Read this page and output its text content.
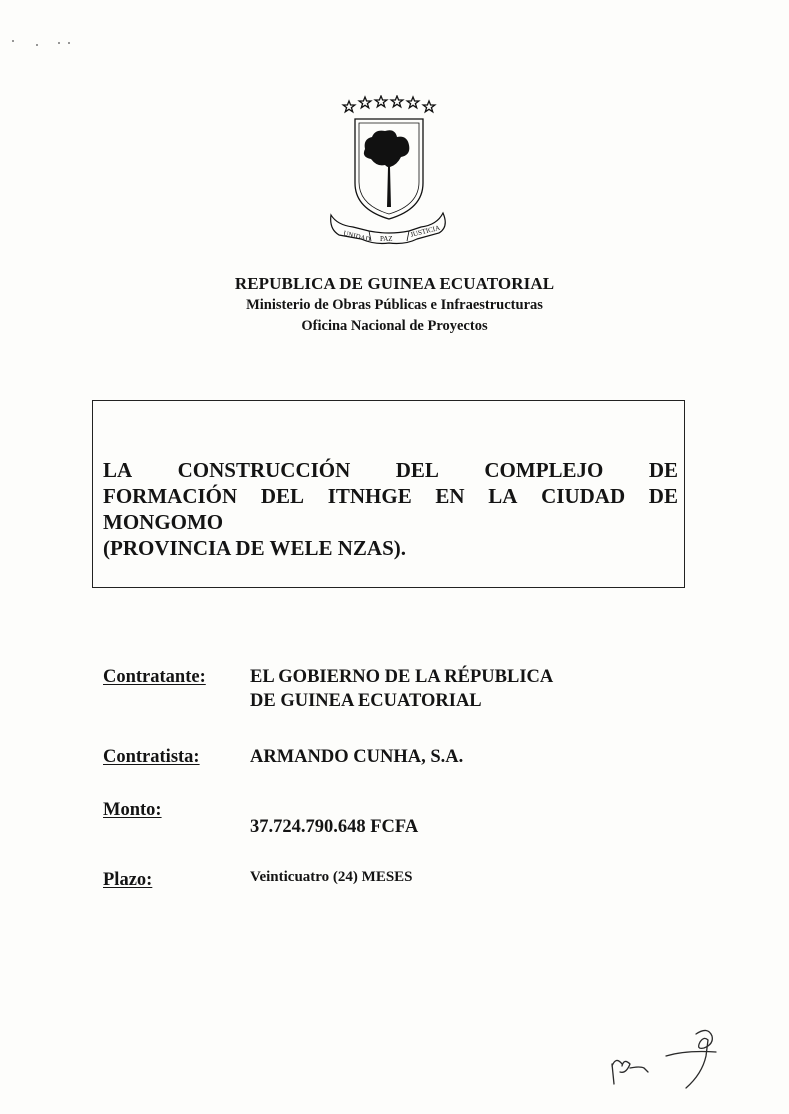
UNIDAD PAZ
JUSTICIA
REPUBLICA DE GUINEA ECUATORIAL
Ministerio de Obras Públicas e Infraestructuras
Oficina Nacional de Proyectos
LA CONSTRUCCIÓN DEL COMPLEJO DE
FORMACIÓN DEL ITNHGE EN LA CIUDAD DE
MONGOMO
(PROVINCIA DE WELE NZAS).
Contratante: EL GOBIERNO DE LA RÉPUBLICA
DE GUINEA ECUATORIAL
Contratista:	ARMANDO CUNHA, S.A.
Monto:
37.724.790.648 FCFA
Plazo:	Veinticuatro (24) MESES
